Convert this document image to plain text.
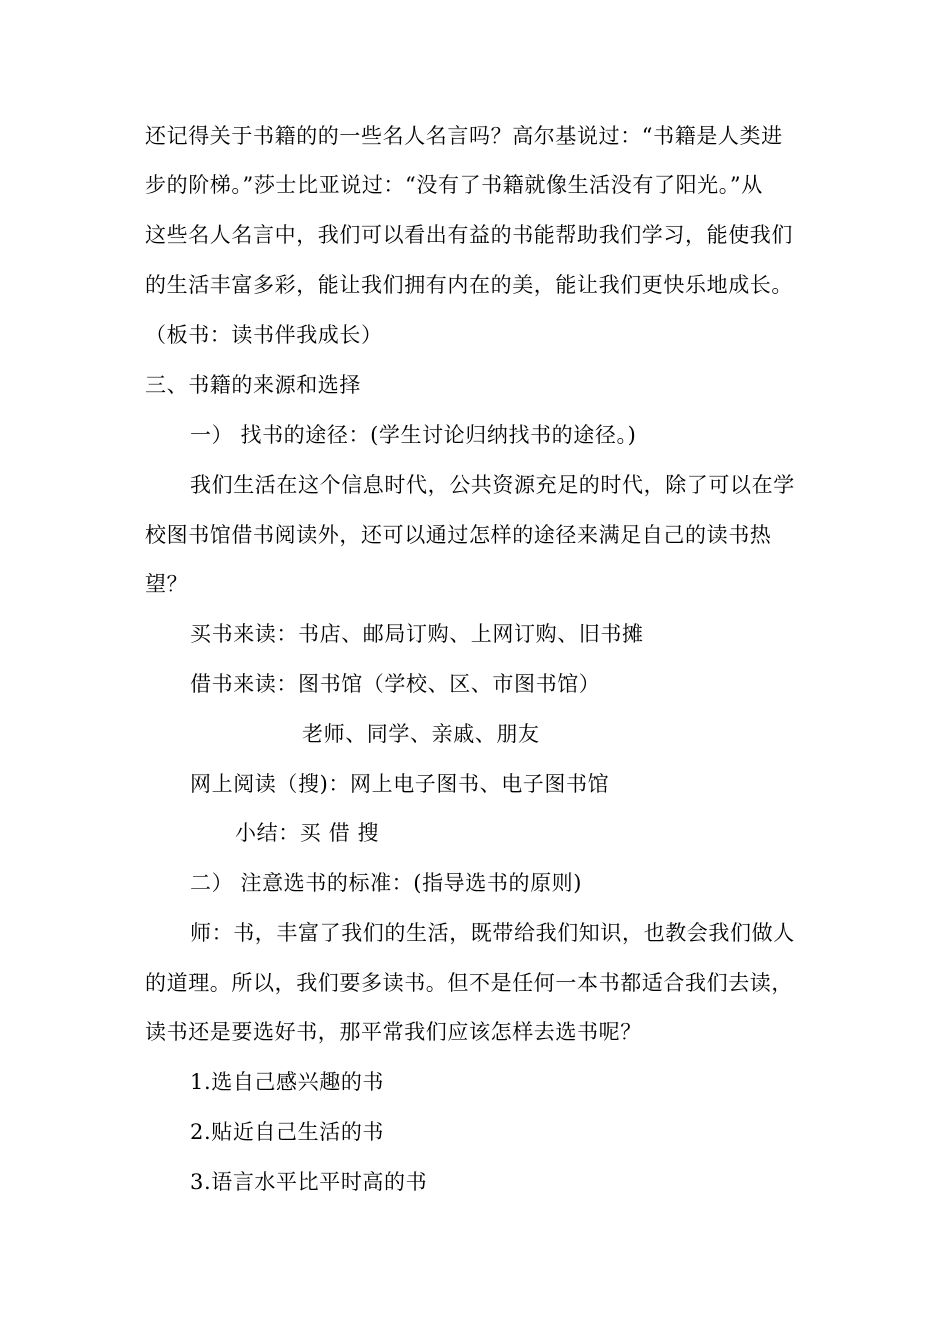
还记得关于书籍的的一些名人名言吗？高尔基说过：“书籍是人类进
步的阶梯。”莎士比亚说过：“没有了书籍就像生活没有了阳光。”从
这些名人名言中，我们可以看出有益的书能帮助我们学习，能使我们
的生活丰富多彩，能让我们拥有内在的美，能让我们更快乐地成长。
（板书：读书伴我成长）
三、书籍的来源和选择
一） 找书的途径：(学生讨论归纳找书的途径。)
我们生活在这个信息时代，公共资源充足的时代，除了可以在学
校图书馆借书阅读外，还可以通过怎样的途径来满足自己的读书热
望？
买书来读：书店、邮局订购、上网订购、旧书摊
借书来读：图书馆（学校、区、市图书馆）
老师、同学、亲戚、朋友
网上阅读（搜)：网上电子图书、电子图书馆
小结：买 借 搜
二） 注意选书的标准：(指导选书的原则)
师：书，丰富了我们的生活，既带给我们知识，也教会我们做人
的道理。所以，我们要多读书。但不是任何一本书都适合我们去读，
读书还是要选好书，那平常我们应该怎样去选书呢？
1.选自己感兴趣的书
2.贴近自己生活的书
3.语言水平比平时高的书
